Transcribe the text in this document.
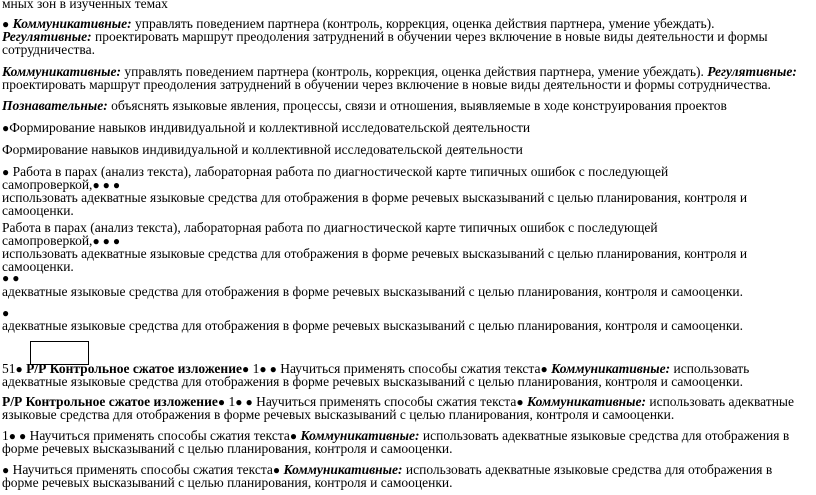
мных зон в изученных темах
● Коммуникативные: управлять поведением партнера (контроль, коррекция, оценка действия партнера, умение убеждать).
Регулятивные: проектировать маршрут преодоления затруднений в обучении через включение в новые виды деятельности и формы
сотрудничества.
Коммуникативные: управлять поведением партнера (контроль, коррекция, оценка действия партнера, умение убеждать). Регулятивные:
проектировать маршрут преодоления затруднений в обучении через включение в новые виды деятельности и формы сотрудничества.
Познавательные: объяснять языковые явления, процессы, связи и отношения, выявляемые в ходе конструирования проектов
●Формирование навыков индивидуальной и коллективной исследовательской деятельности
Формирование навыков индивидуальной и коллективной исследовательской деятельности
● Работа в парах (анализ текста), лабораторная работа по диагностической карте типичных ошибок с последующей
самопроверкой,● ● ●
использовать адекватные языковые средства для отображения в форме речевых высказываний с целью планирования, контроля и
самооценки.
Работа в парах (анализ текста), лабораторная работа по диагностической карте типичных ошибок с последующей
самопроверкой,● ● ●
использовать адекватные языковые средства для отображения в форме речевых высказываний с целью планирования, контроля и
самооценки.
● ●
адекватные языковые средства для отображения в форме речевых высказываний с целью планирования, контроля и самооценки.
●
адекватные языковые средства для отображения в форме речевых высказываний с целью планирования, контроля и самооценки.
51● Р/Р Контрольное сжатое изложение● 1● ● Научиться применять способы сжатия текста● Коммуникативные: использовать
адекватные языковые средства для отображения в форме речевых высказываний с целью планирования, контроля и самооценки.
Р/Р Контрольное сжатое изложение● 1● ● Научиться применять способы сжатия текста● Коммуникативные: использовать адекватные
языковые средства для отображения в форме речевых высказываний с целью планирования, контроля и самооценки.
1● ● Научиться применять способы сжатия текста● Коммуникативные: использовать адекватные языковые средства для отображения в
форме речевых высказываний с целью планирования, контроля и самооценки.
● Научиться применять способы сжатия текста● Коммуникативные: использовать адекватные языковые средства для отображения в
форме речевых высказываний с целью планирования, контроля и самооценки.
